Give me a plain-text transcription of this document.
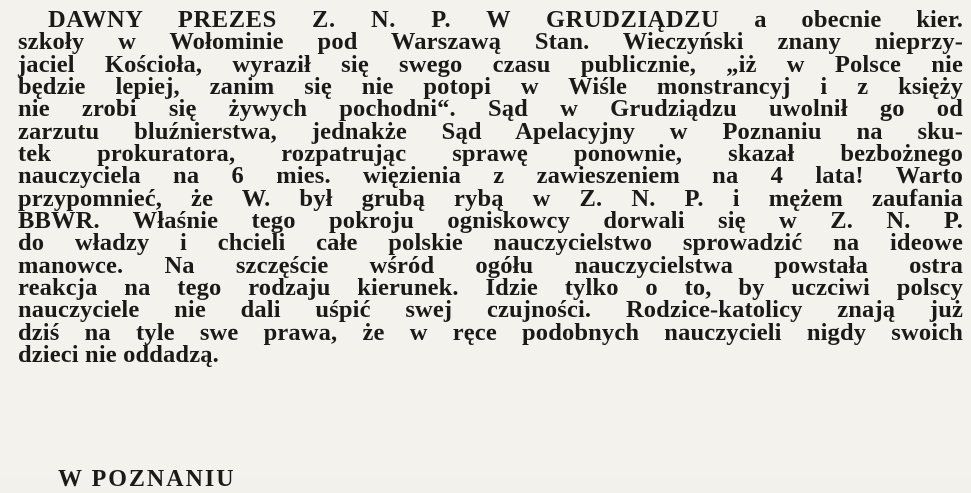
DAWNY PREZES Z. N. P. W GRUDZIĄDZU a obecnie kier.
szkoły w Wołominie pod Warszawą Stan. Wieczyński znany nieprzy-
jaciel Kościoła, wyraził się swego czasu publicznie, „iż w Polsce nie
będzie lepiej, zanim się nie potopi w Wiśle monstrancyj i z księży
nie zrobi się żywych pochodni“. Sąd w Grudziądzu uwolnił go od
zarzutu bluźnierstwa, jednakże Sąd Apelacyjny w Poznaniu na sku-
tek prokuratora, rozpatrując sprawę ponownie, skazał bezbożnego
nauczyciela na 6 mies. więzienia z zawieszeniem na 4 lata! Warto
przypomnieć, że W. był grubą rybą w Z. N. P. i mężem zaufania
BBWR. Właśnie tego pokroju ogniskowcy dorwali się w Z. N. P.
do władzy i chcieli całe polskie nauczycielstwo sprowadzić na ideowe
manowce. Na szczęście wśród ogółu nauczycielstwa powstała ostra
reakcja na tego rodzaju kierunek. Idzie tylko o to, by uczciwi polscy
nauczyciele nie dali uśpić swej czujności. Rodzice-katolicy znają już
dziś na tyle swe prawa, że w ręce podobnych nauczycieli nigdy swoich
dzieci nie oddadzą.
W POZNANIU
